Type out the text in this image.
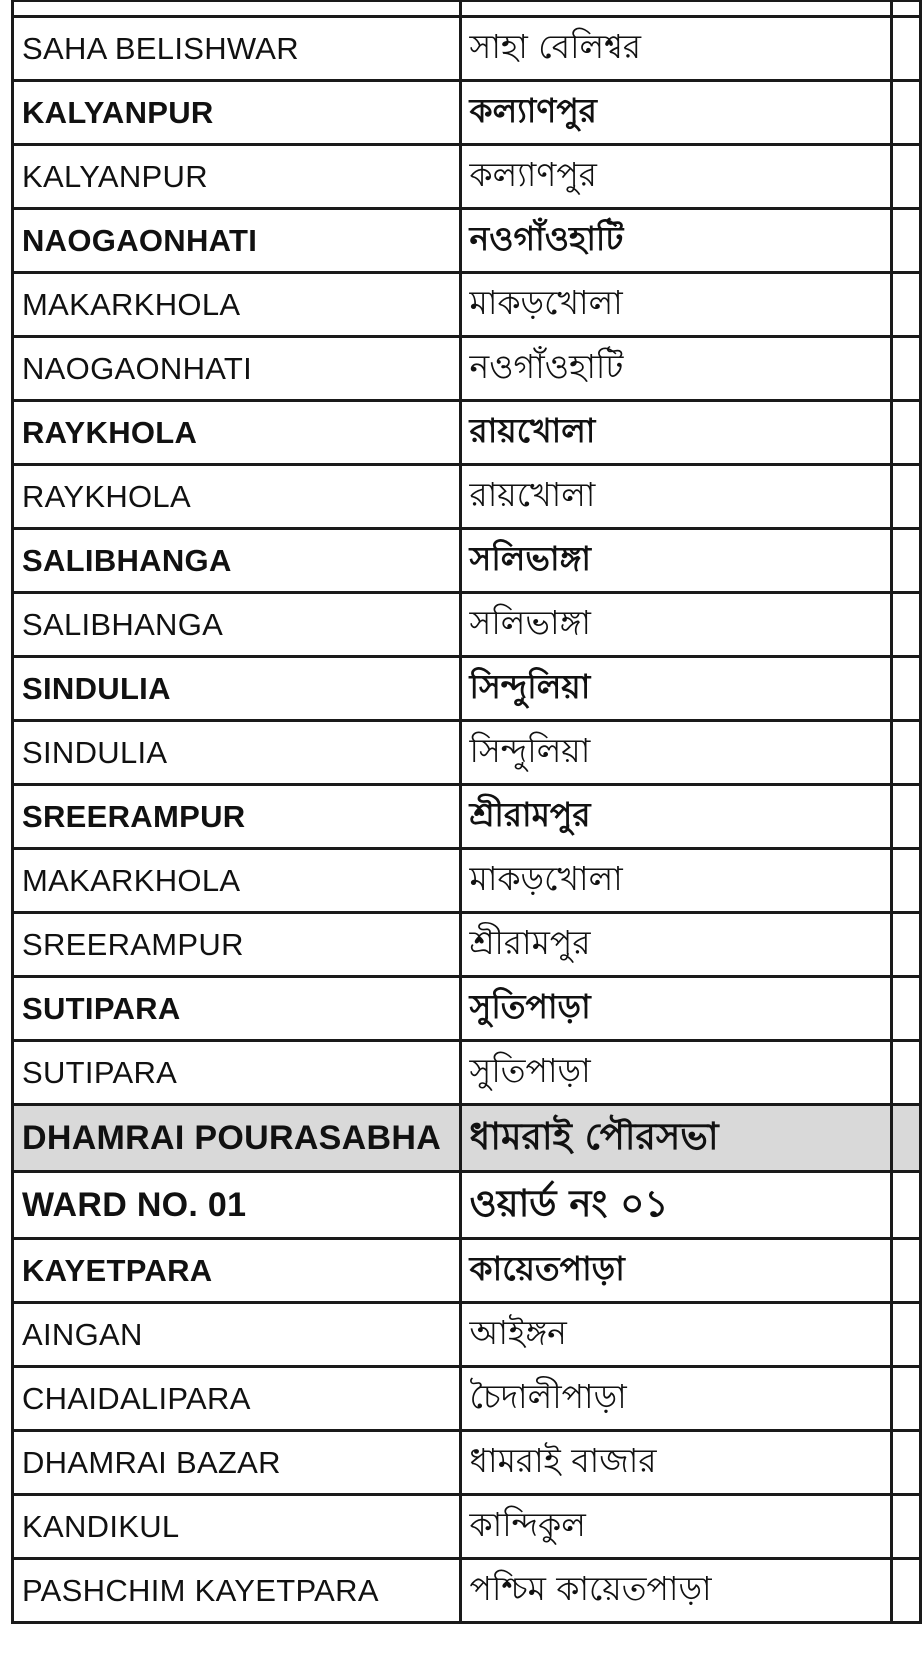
SAHA BELISHWAR	সাহা বেলিশ্বর	
KALYANPUR	কল্যাণপুর	
KALYANPUR	কল্যাণপুর	
NAOGAONHATI	নওগাঁওহাটি	
MAKARKHOLA	মাকড়খোলা	
NAOGAONHATI	নওগাঁওহাটি	
RAYKHOLA	রায়খোলা	
RAYKHOLA	রায়খোলা	
SALIBHANGA	সলিভাঙ্গা	
SALIBHANGA	সলিভাঙ্গা	
SINDULIA	সিন্দুলিয়া	
SINDULIA	সিন্দুলিয়া	
SREERAMPUR	শ্রীরামপুর	
MAKARKHOLA	মাকড়খোলা	
SREERAMPUR	শ্রীরামপুর	
SUTIPARA	সুতিপাড়া	
SUTIPARA	সুতিপাড়া	
DHAMRAI POURASABHA	ধামরাই পৌরসভা	
WARD NO. 01	ওয়ার্ড নং ০১	
KAYETPARA	কায়েতপাড়া	
AINGAN	আইঙ্গন	
CHAIDALIPARA	চৈদালীপাড়া	
DHAMRAI BAZAR	ধামরাই বাজার	
KANDIKUL	কান্দিকুল	
PASHCHIM KAYETPARA	পশ্চিম কায়েতপাড়া	
